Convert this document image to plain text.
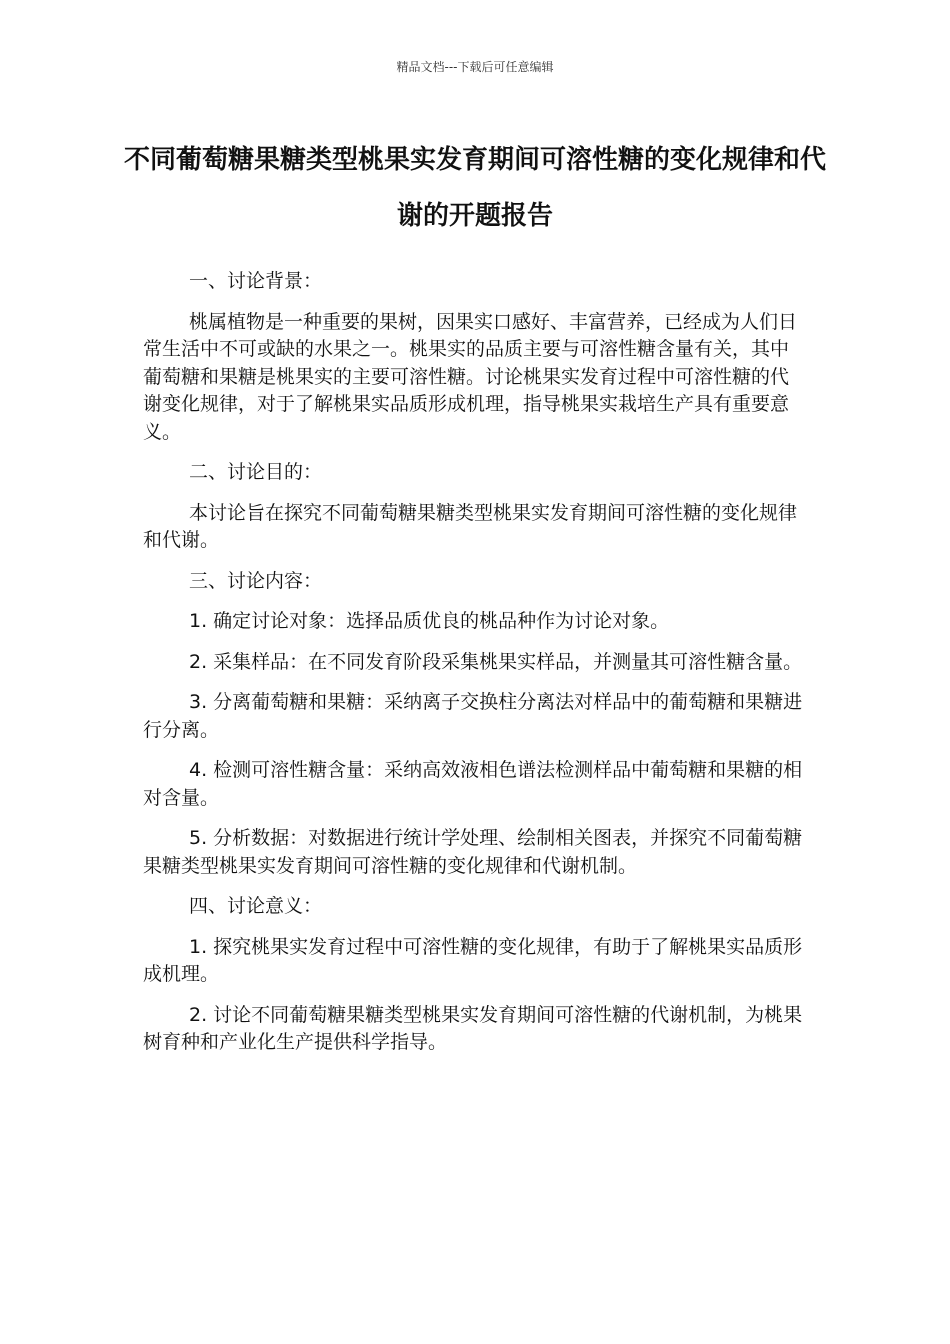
精品文档---下载后可任意编辑
不同葡萄糖果糖类型桃果实发育期间可溶性糖的变化规律和代谢的开题报告

一、讨论背景：

桃属植物是一种重要的果树，因果实口感好、丰富营养，已经成为人们日常生活中不可或缺的水果之一。桃果实的品质主要与可溶性糖含量有关，其中葡萄糖和果糖是桃果实的主要可溶性糖。讨论桃果实发育过程中可溶性糖的代谢变化规律，对于了解桃果实品质形成机理，指导桃果实栽培生产具有重要意义。

二、讨论目的：

本讨论旨在探究不同葡萄糖果糖类型桃果实发育期间可溶性糖的变化规律和代谢。

三、讨论内容：

1. 确定讨论对象：选择品质优良的桃品种作为讨论对象。

2. 采集样品：在不同发育阶段采集桃果实样品，并测量其可溶性糖含量。

3. 分离葡萄糖和果糖：采纳离子交换柱分离法对样品中的葡萄糖和果糖进行分离。

4. 检测可溶性糖含量：采纳高效液相色谱法检测样品中葡萄糖和果糖的相对含量。

5. 分析数据：对数据进行统计学处理、绘制相关图表，并探究不同葡萄糖果糖类型桃果实发育期间可溶性糖的变化规律和代谢机制。

四、讨论意义：

1. 探究桃果实发育过程中可溶性糖的变化规律，有助于了解桃果实品质形成机理。

2. 讨论不同葡萄糖果糖类型桃果实发育期间可溶性糖的代谢机制，为桃果树育种和产业化生产提供科学指导。
